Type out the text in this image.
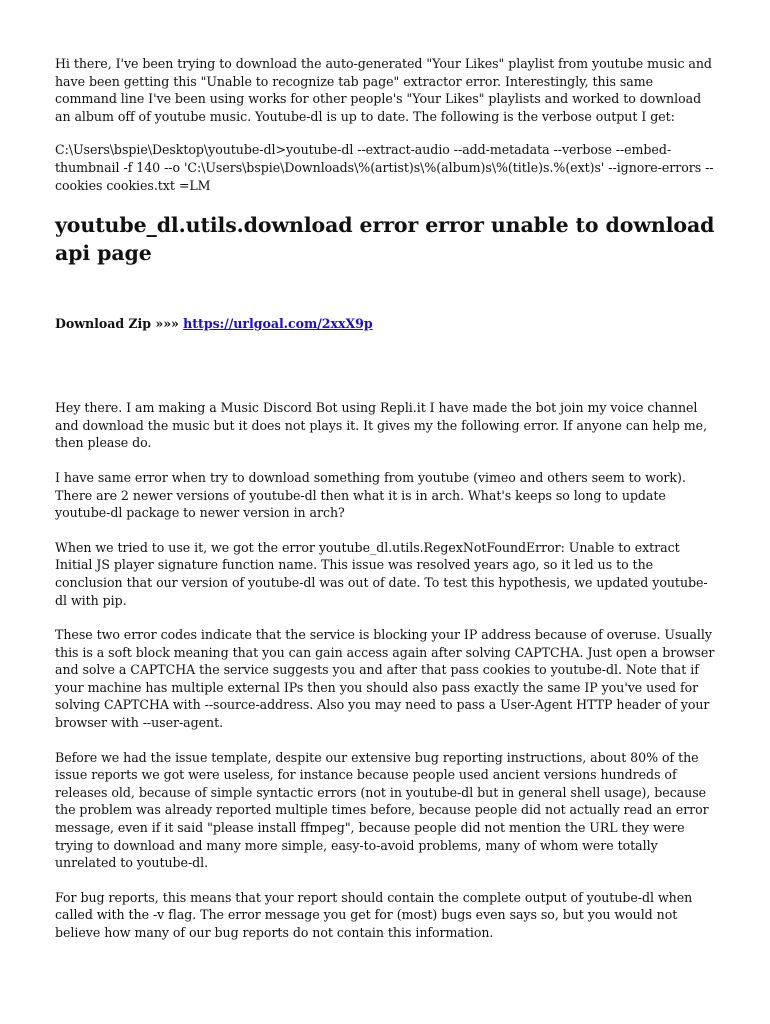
Hi there, I've been trying to download the auto-generated "Your Likes" playlist from youtube music and have been getting this "Unable to recognize tab page" extractor error. Interestingly, this same command line I've been using works for other people's "Your Likes" playlists and worked to download an album off of youtube music. Youtube-dl is up to date. The following is the verbose output I get:

C:\Users\bspie\Desktop\youtube-dl>youtube-dl --extract-audio --add-metadata --verbose --embed-thumbnail -f 140 --o 'C:\Users\bspie\Downloads\%(artist)s\%(album)s\%(title)s.%(ext)s' --ignore-errors --cookies cookies.txt =LM

youtube_dl.utils.download error error unable to download api page

Download Zip »»» https://urlgoal.com/2xxX9p

Hey there. I am making a Music Discord Bot using Repli.it I have made the bot join my voice channel and download the music but it does not plays it. It gives my the following error. If anyone can help me, then please do.

I have same error when try to download something from youtube (vimeo and others seem to work). There are 2 newer versions of youtube-dl then what it is in arch. What's keeps so long to update youtube-dl package to newer version in arch?

When we tried to use it, we got the error youtube_dl.utils.RegexNotFoundError: Unable to extract Initial JS player signature function name. This issue was resolved years ago, so it led us to the conclusion that our version of youtube-dl was out of date. To test this hypothesis, we updated youtube-dl with pip.

These two error codes indicate that the service is blocking your IP address because of overuse. Usually this is a soft block meaning that you can gain access again after solving CAPTCHA. Just open a browser and solve a CAPTCHA the service suggests you and after that pass cookies to youtube-dl. Note that if your machine has multiple external IPs then you should also pass exactly the same IP you've used for solving CAPTCHA with --source-address. Also you may need to pass a User-Agent HTTP header of your browser with --user-agent.

Before we had the issue template, despite our extensive bug reporting instructions, about 80% of the issue reports we got were useless, for instance because people used ancient versions hundreds of releases old, because of simple syntactic errors (not in youtube-dl but in general shell usage), because the problem was already reported multiple times before, because people did not actually read an error message, even if it said "please install ffmpeg", because people did not mention the URL they were trying to download and many more simple, easy-to-avoid problems, many of whom were totally unrelated to youtube-dl.

For bug reports, this means that your report should contain the complete output of youtube-dl when called with the -v flag. The error message you get for (most) bugs even says so, but you would not believe how many of our bug reports do not contain this information.
